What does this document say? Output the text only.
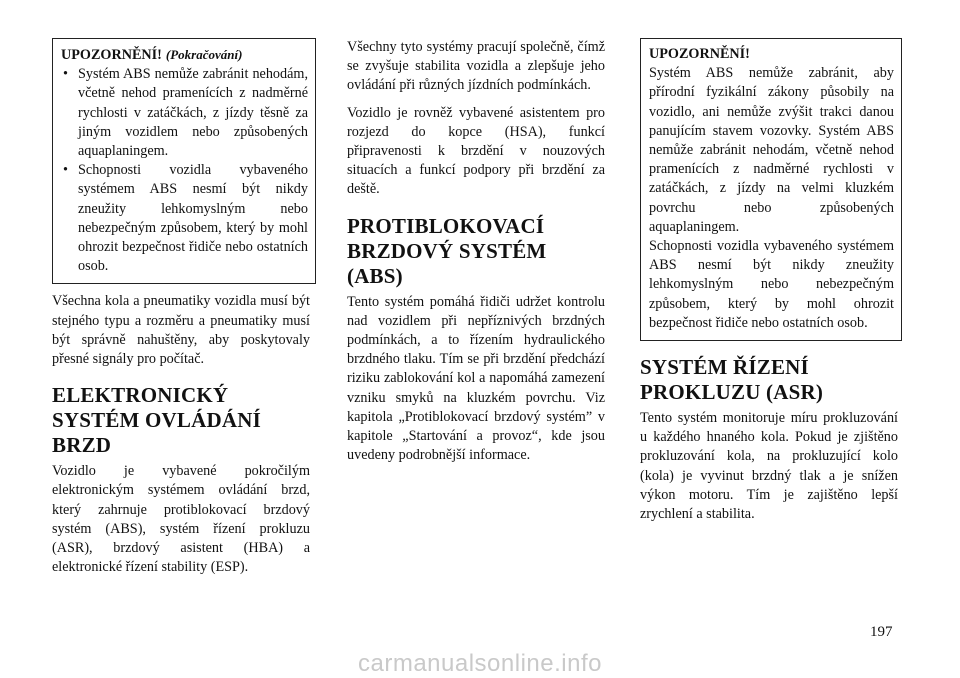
UPOZORNĚNÍ! (Pokračování)
• Systém ABS nemůže zabránit nehodám, včetně nehod pramenících z nadměrné rychlosti v zatáčkách, z jízdy těsně za jiným vozidlem nebo způsobených aquaplaningem.
• Schopnosti vozidla vybaveného systémem ABS nesmí být nikdy zneužity lehkomyslným nebo nebezpečným způsobem, který by mohl ohrozit bezpečnost řidiče nebo ostatních osob.

Všechna kola a pneumatiky vozidla musí být stejného typu a rozměru a pneumatiky musí být správně nahuštěny, aby poskytovaly přesné signály pro počítač.

ELEKTRONICKÝ SYSTÉM OVLÁDÁNÍ BRZD

Vozidlo je vybavené pokročilým elektronickým systémem ovládání brzd, který zahrnuje protiblokovací brzdový systém (ABS), systém řízení prokluzu (ASR), brzdový asistent (HBA) a elektronické řízení stability (ESP).

Všechny tyto systémy pracují společně, čímž se zvyšuje stabilita vozidla a zlepšuje jeho ovládání při různých jízdních podmínkách.

Vozidlo je rovněž vybavené asistentem pro rozjezd do kopce (HSA), funkcí připravenosti k brzdění v nouzových situacích a funkcí podpory při brzdění za deště.

PROTIBLOKOVACÍ BRZDOVÝ SYSTÉM (ABS)

Tento systém pomáhá řidiči udržet kontrolu nad vozidlem při nepříznivých brzdných podmínkách, a to řízením hydraulického brzdného tlaku. Tím se při brzdění předchází riziku zablokování kol a napomáhá zamezení vzniku smyků na kluzkém povrchu. Viz kapitola „Protiblokovací brzdový systém” v kapitole „Startování a provoz“, kde jsou uvedeny podrobnější informace.

UPOZORNĚNÍ!

Systém ABS nemůže zabránit, aby přírodní fyzikální zákony působily na vozidlo, ani nemůže zvýšit trakci danou panujícím stavem vozovky. Systém ABS nemůže zabránit nehodám, včetně nehod pramenících z nadměrné rychlosti v zatáčkách, z jízdy na velmi kluzkém povrchu nebo způsobených aquaplaningem.

Schopnosti vozidla vybaveného systémem ABS nesmí být nikdy zneužity lehkomyslným nebo nebezpečným způsobem, který by mohl ohrozit bezpečnost řidiče nebo ostatních osob.

SYSTÉM ŘÍZENÍ PROKLUZU (ASR)

Tento systém monitoruje míru prokluzování u každého hnaného kola. Pokud je zjištěno prokluzování kola, na prokluzující kolo (kola) je vyvinut brzdný tlak a je snížen výkon motoru. Tím je zajištěno lepší zrychlení a stabilita.

197
carmanualsonline.info
